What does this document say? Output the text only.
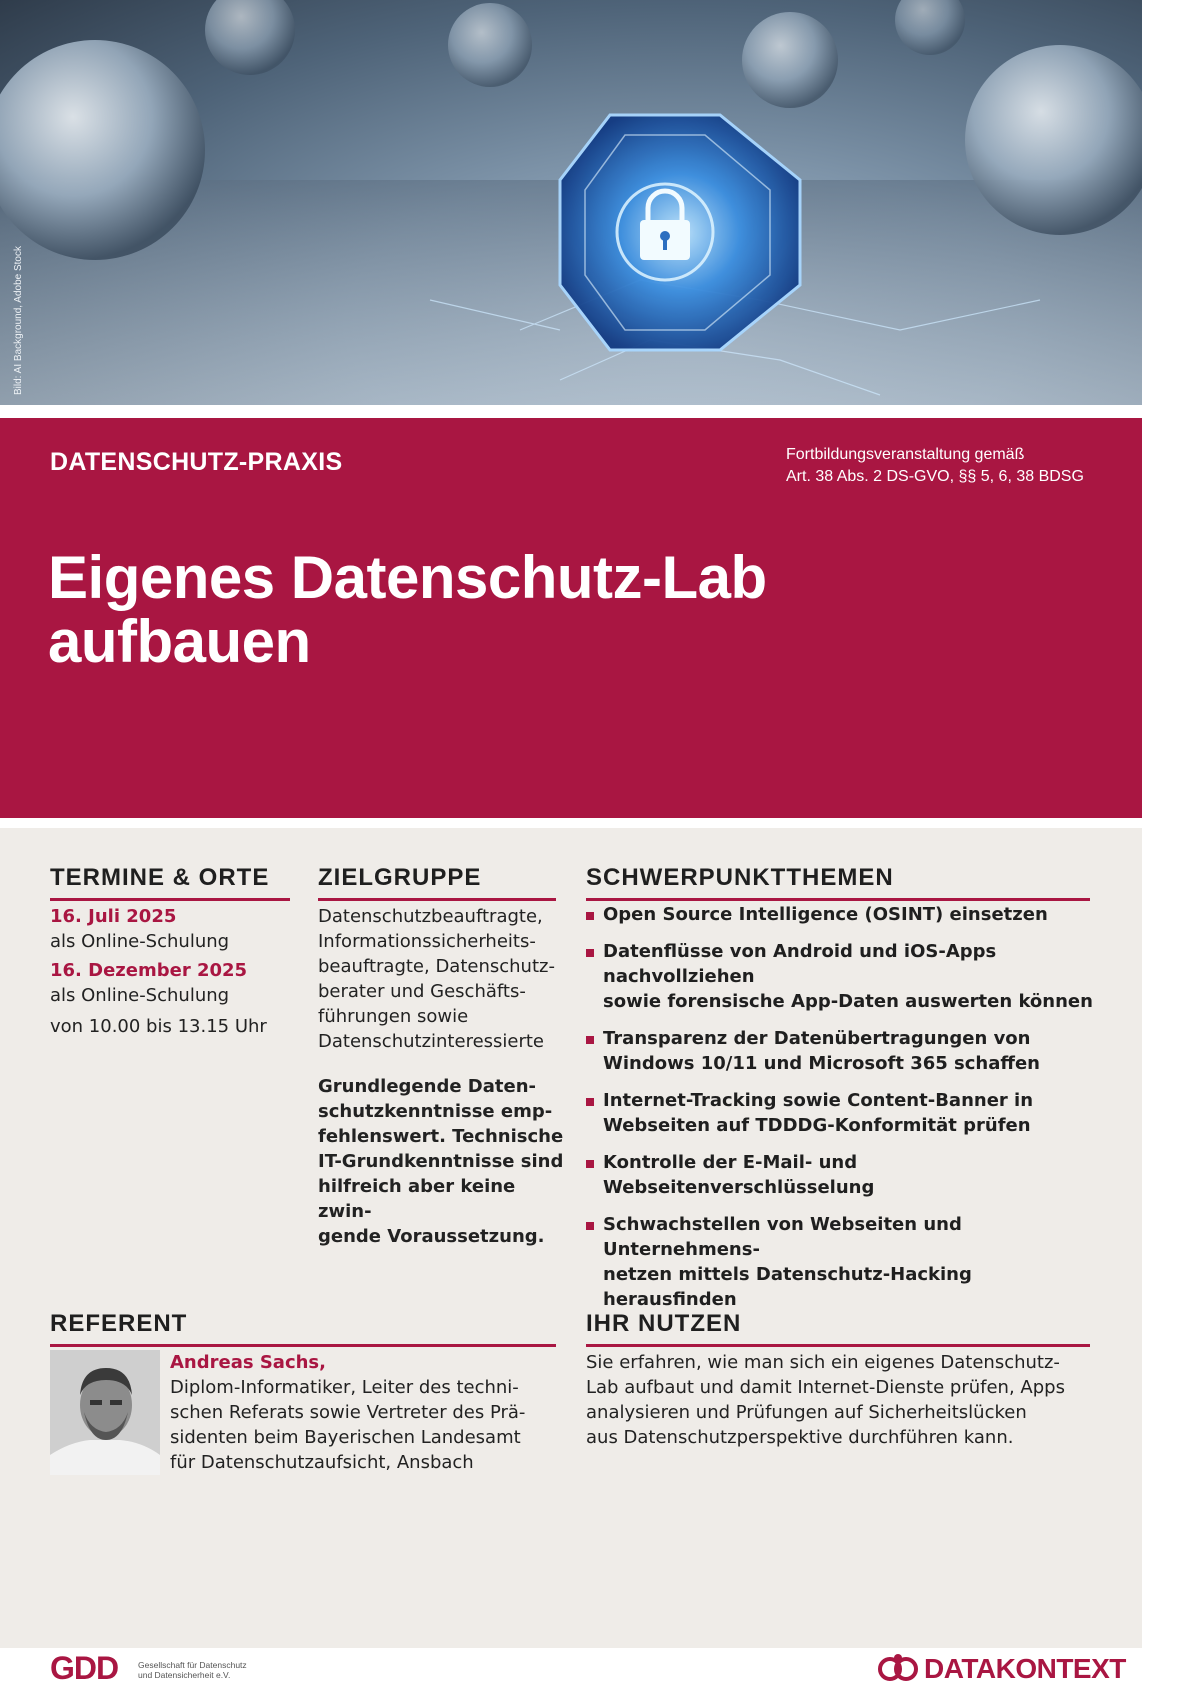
Bild: AI Background, Adobe Stock
DATENSCHUTZ-PRAXIS	Fortbildungsveranstaltung gemäß
Art. 38 Abs. 2 DS-GVO, §§ 5, 6, 38 BDSG
Eigenes Datenschutz-Lab
aufbauen
TERMINE & ORTE
16. Juli 2025
als Online-Schulung
16. Dezember 2025
als Online-Schulung
von 10.00 bis 13.15 Uhr
ZIELGRUPPE
Datenschutzbeauftragte,
Informationssicherheits-
beauftragte, Datenschutz-
berater und Geschäfts-
führungen sowie
Datenschutzinteressierte
Grundlegende Daten-
schutzkenntnisse emp-
fehlenswert. Technische
IT-Grundkenntnisse sind
hilfreich aber keine zwin-
gende Voraussetzung.
SCHWERPUNKTTHEMEN
Open Source Intelligence (OSINT) einsetzen
Datenflüsse von Android und iOS-Apps nachvollziehen
sowie forensische App-Daten auswerten können
Transparenz der Datenübertragungen von
Windows 10/11 und Microsoft 365 schaffen
Internet-Tracking sowie Content-Banner in
Webseiten auf TDDDG-Konformität prüfen
Kontrolle der E-Mail- und Webseitenverschlüsselung
Schwachstellen von Webseiten und Unternehmens-
netzen mittels Datenschutz-Hacking herausfinden
REFERENT
Andreas Sachs,
Diplom-Informatiker, Leiter des techni-
schen Referats sowie Vertreter des Prä-
sidenten beim Bayerischen Landesamt
für Datenschutzaufsicht, Ansbach
IHR NUTZEN
Sie erfahren, wie man sich ein eigenes Datenschutz-
Lab aufbaut und damit Internet-Dienste prüfen, Apps
analysieren und Prüfungen auf Sicherheitslücken
aus Datenschutzperspektive durchführen kann.
GDD Gesellschaft für Datenschutz
und Datensicherheit e.V.	DATAKONTEXT
